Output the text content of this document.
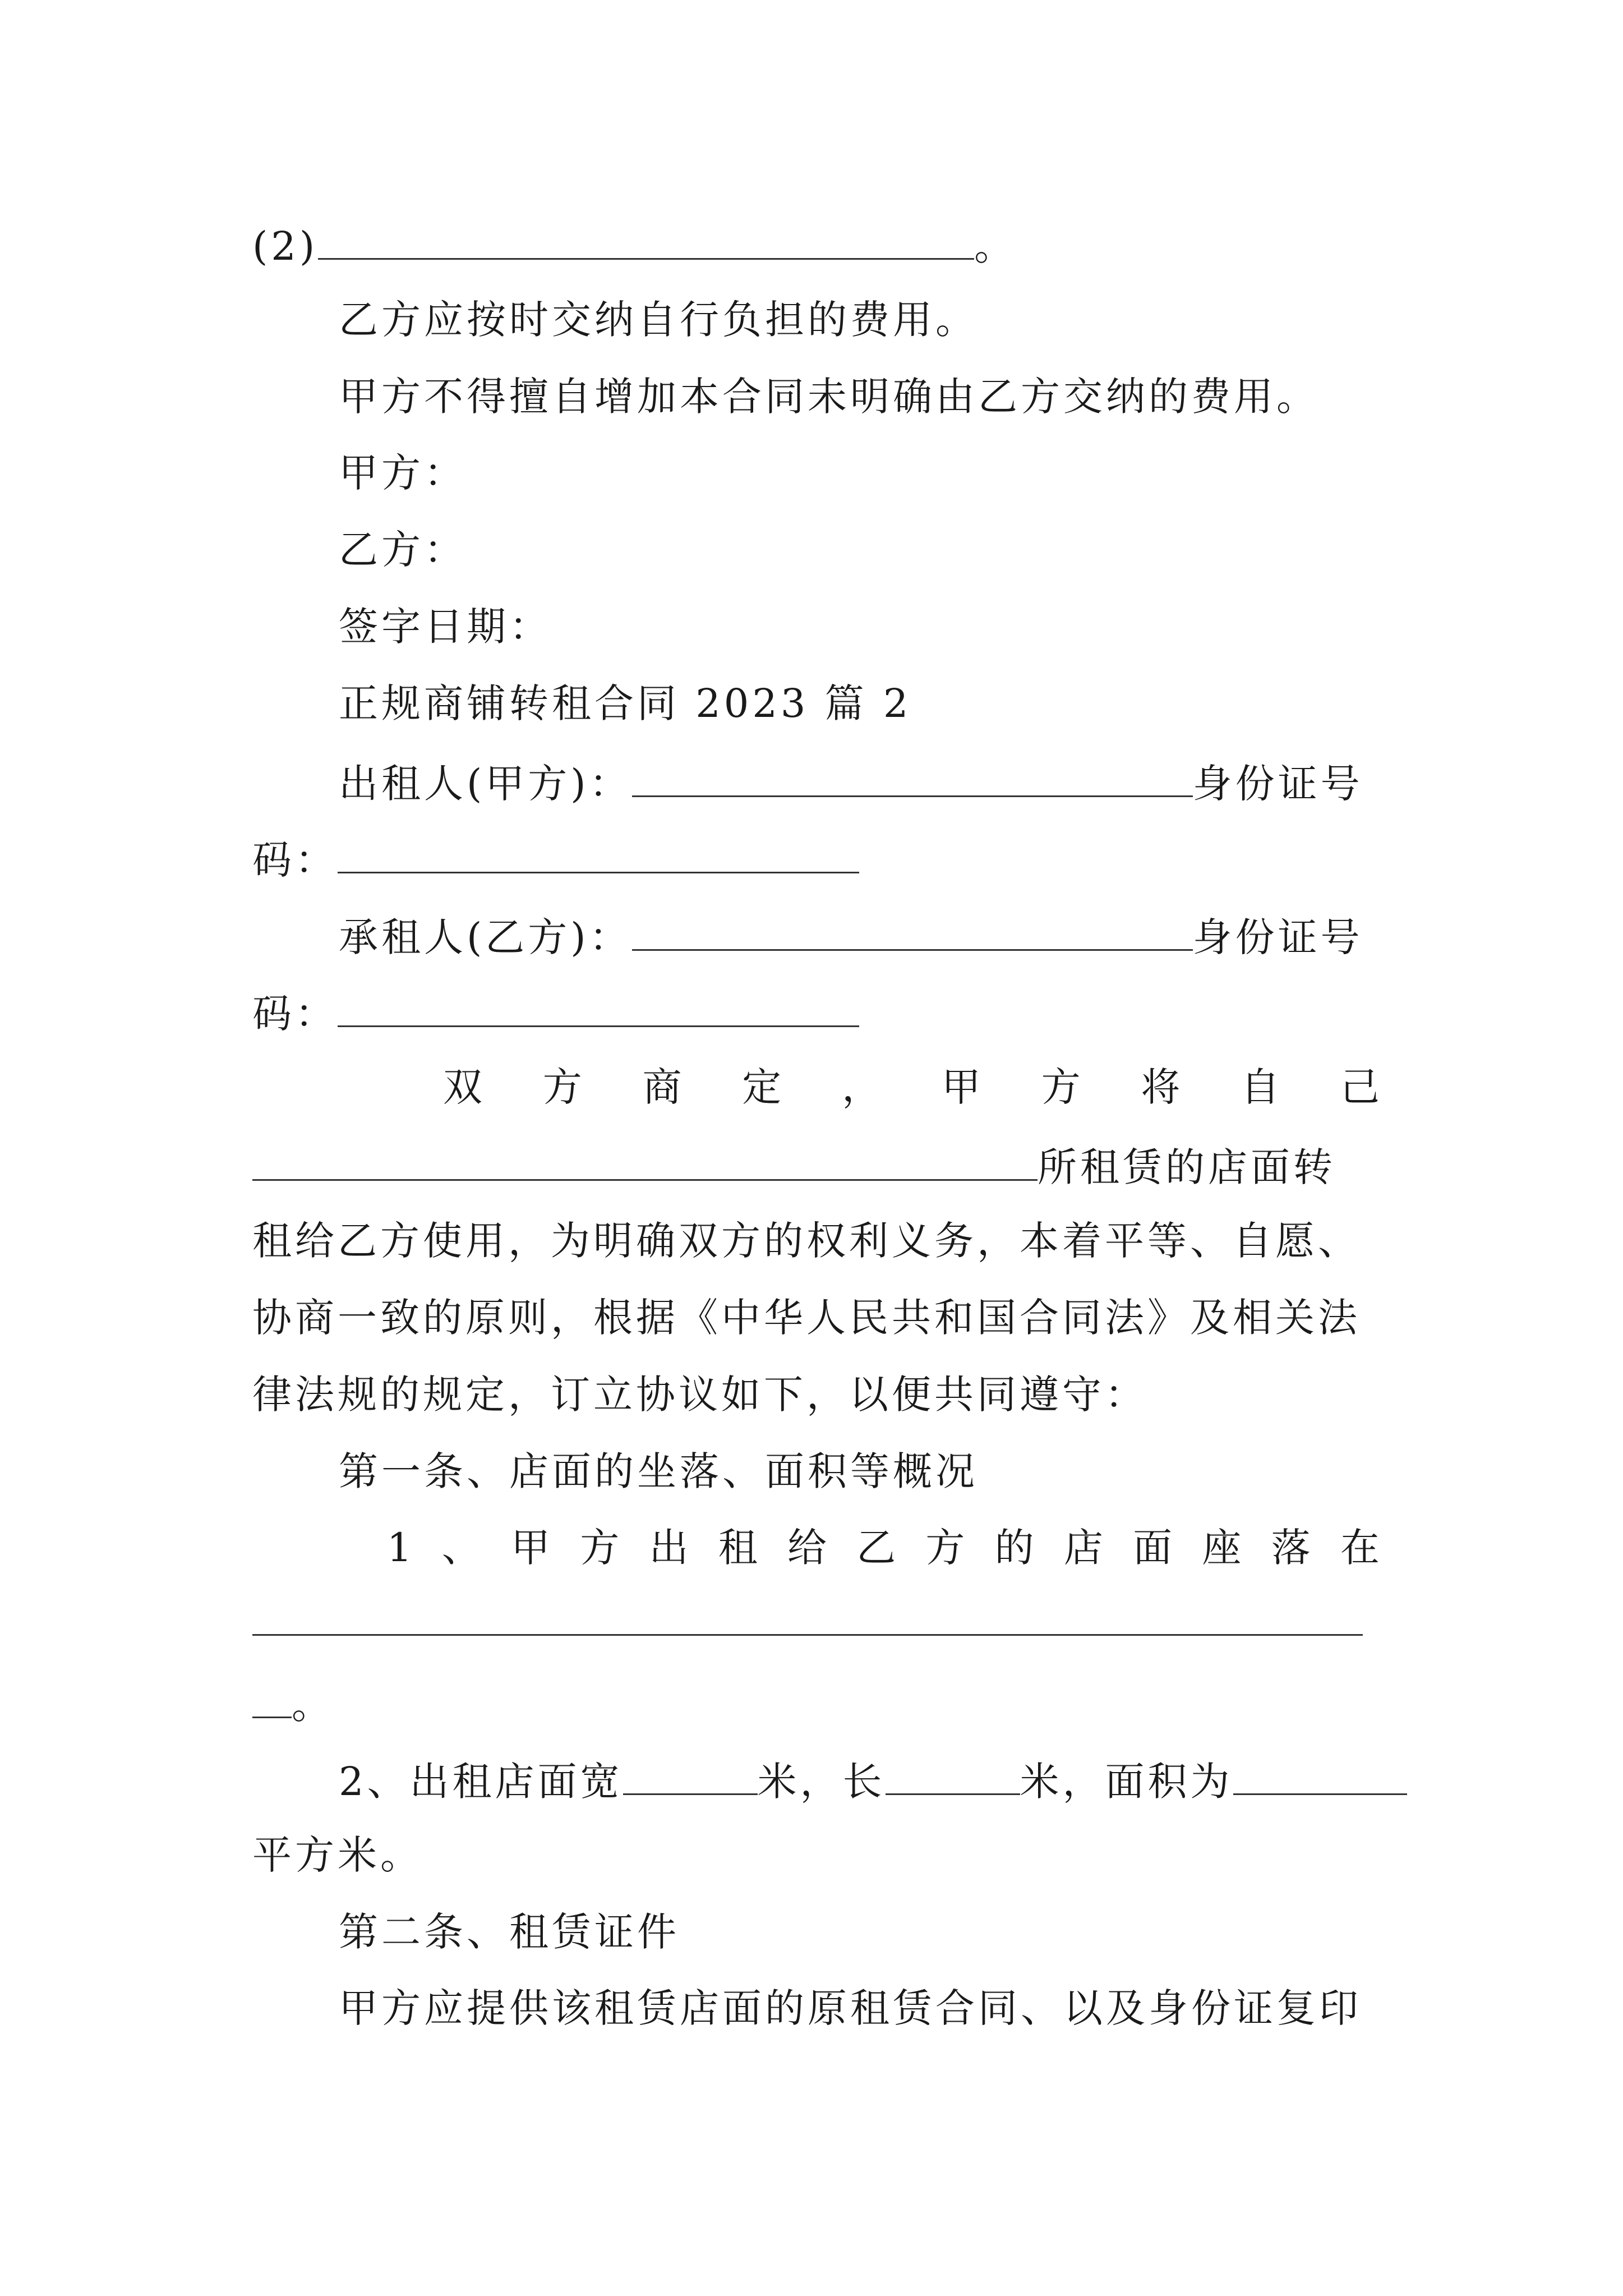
(2)	。
乙方应按时交纳自行负担的费用。
甲方不得擅自增加本合同未明确由乙方交纳的费用。
甲方：
乙方：
签字日期：
正规商铺转租合同 2023 篇 2
出租人(甲方)：	身份证号
码：
承租人(乙方)：	身份证号
码：
双 方 商 定 ， 甲 方 将 自 己
所租赁的店面转
租给乙方使用，为明确双方的权利义务，本着平等、自愿、
协商一致的原则，根据《中华人民共和国合同法》及相关法
律法规的规定，订立协议如下，以便共同遵守：
第一条、店面的坐落、面积等概况
1 、 甲 方 出 租 给 乙 方 的 店 面 座 落 在
。
2、出租店面宽	米，长	米，面积为
平方米。
第二条、租赁证件
甲方应提供该租赁店面的原租赁合同、以及身份证复印
